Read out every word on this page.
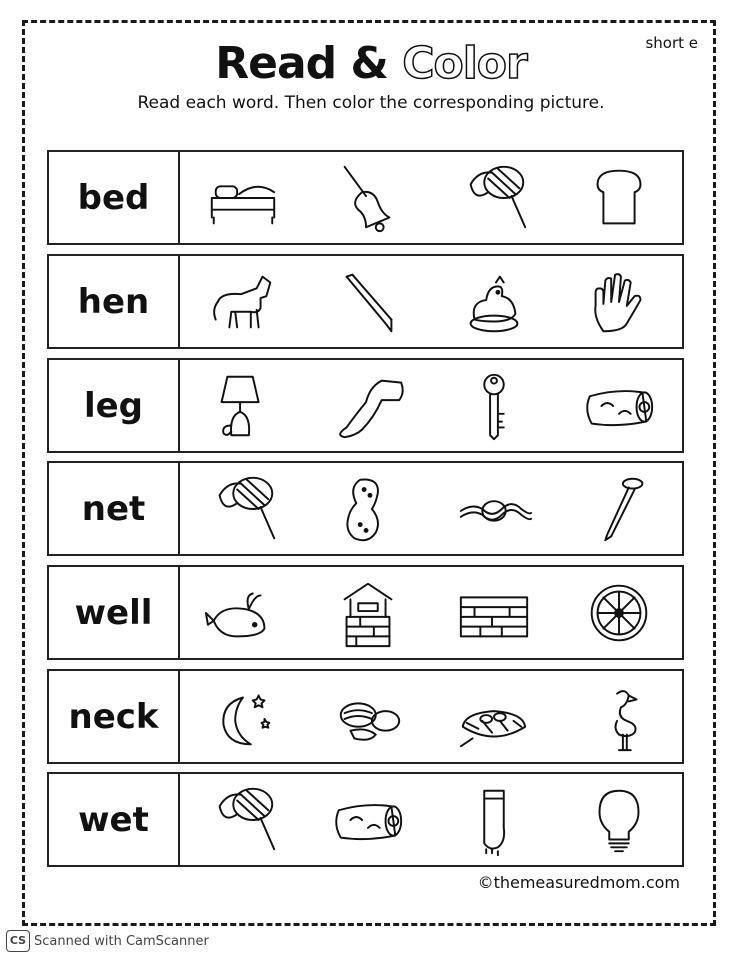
Read & Color	short e
Read each word. Then color the corresponding picture.
bed
hen
leg
net
well
neck
wet
©themeasuredmom.com
CS Scanned with CamScanner
